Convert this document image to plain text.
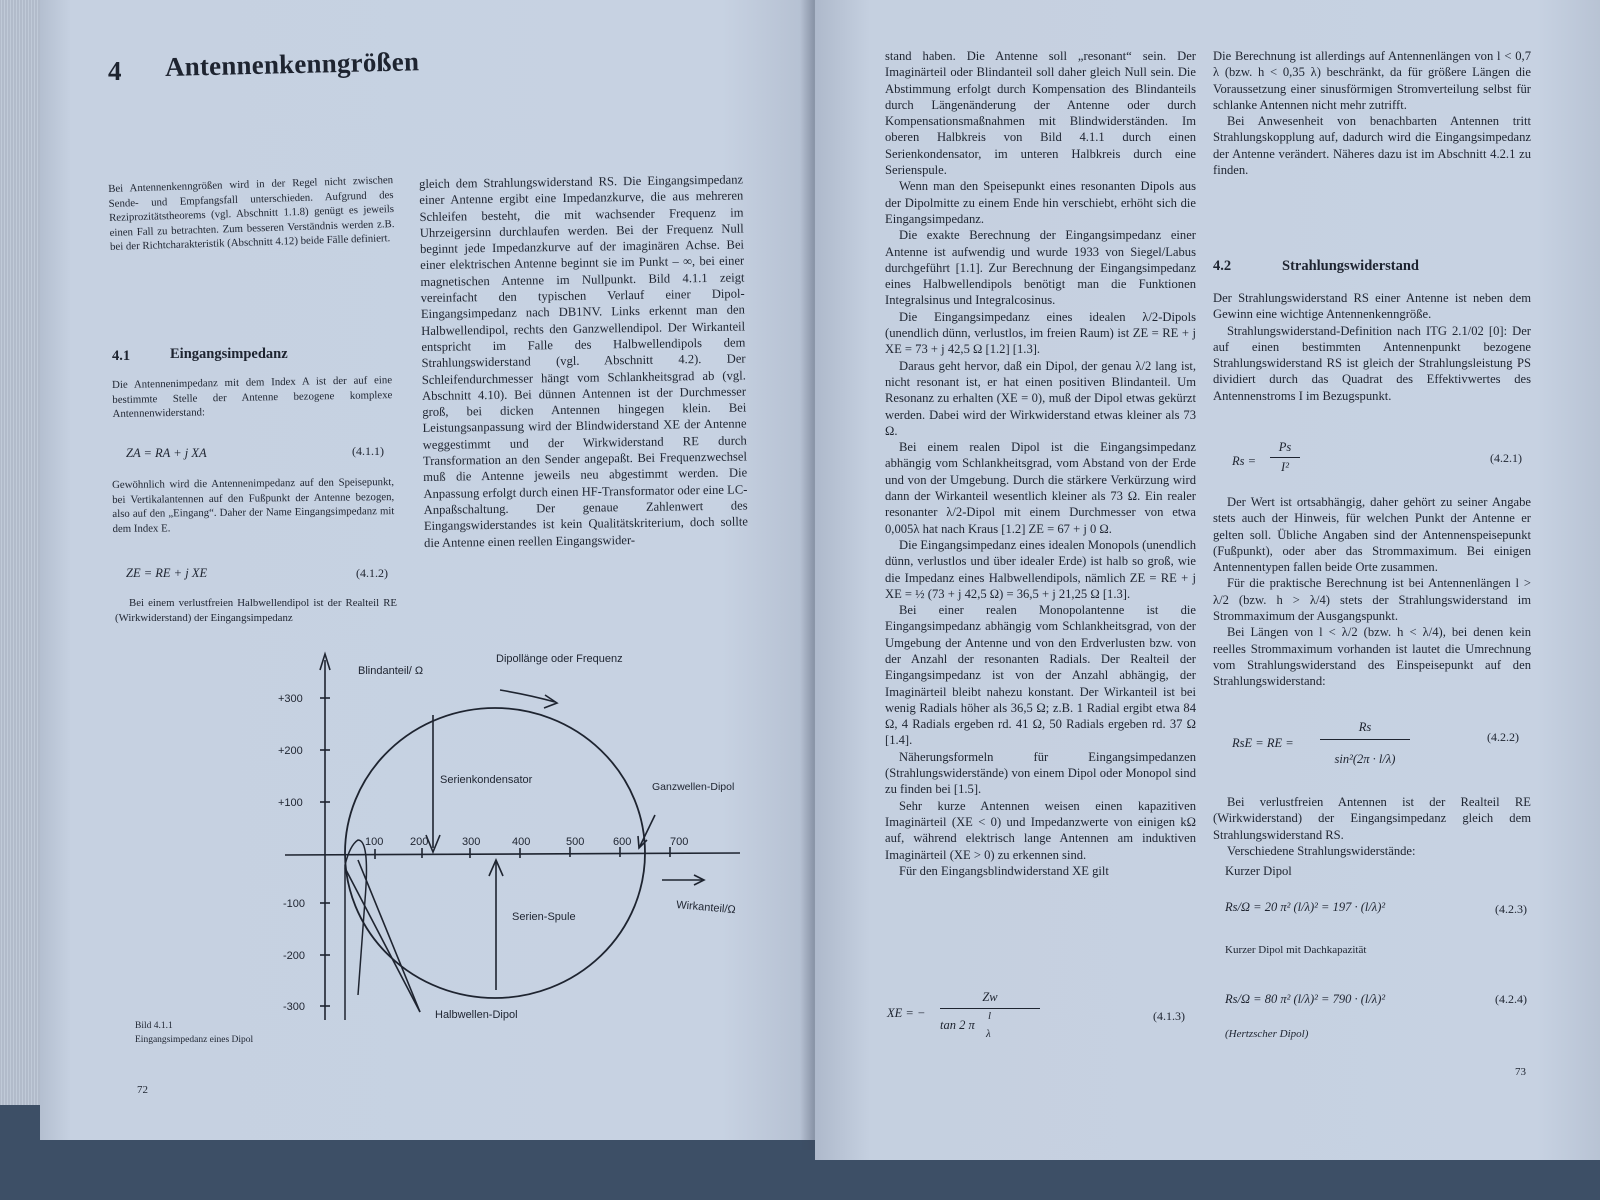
4 Antennenkenngrößen
Bei Antennenkenngrößen wird in der Regel nicht zwischen Sende- und Empfangsfall unterschieden. Aufgrund des Reziprozitätstheorems (vgl. Abschnitt 1.1.8) genügt es jeweils einen Fall zu betrachten. Zum besseren Verständnis werden z.B. bei der Richtcharakteristik (Abschnitt 4.12) beide Fälle definiert.
4.1	Eingangsimpedanz
Die Antennenimpedanz mit dem Index A ist der auf eine bestimmte Stelle der Antenne bezogene komplexe Antennenwiderstand:
ZA = RA + j XA	(4.1.1)
Gewöhnlich wird die Antennenimpedanz auf den Speisepunkt, bei Vertikalantennen auf den Fußpunkt der Antenne bezogen, also auf den „Eingang“. Daher der Name Eingangsimpedanz mit dem Index E.
ZE = RE + j XE	(4.1.2)
Bei einem verlustfreien Halbwellendipol ist der Realteil RE (Wirkwiderstand) der Eingangsimpedanz
gleich dem Strahlungswiderstand RS. Die Eingangsimpedanz einer Antenne ergibt eine Impedanzkurve, die aus mehreren Schleifen besteht, die mit wachsender Frequenz im Uhrzeigersinn durchlaufen werden. Bei der Frequenz Null beginnt jede Impedanzkurve auf der imaginären Achse. Bei einer elektrischen Antenne beginnt sie im Punkt – ∞, bei einer magnetischen Antenne im Nullpunkt. Bild 4.1.1 zeigt vereinfacht den typischen Verlauf einer Dipol-Eingangsimpedanz nach DB1NV. Links erkennt man den Halbwellendipol, rechts den Ganzwellendipol. Der Wirkanteil entspricht im Falle des Halbwellendipols dem Strahlungswiderstand (vgl. Abschnitt 4.2). Der Schleifendurchmesser hängt vom Schlankheitsgrad ab (vgl. Abschnitt 4.10). Bei dünnen Antennen ist der Durchmesser groß, bei dicken Antennen hingegen klein. Bei Leistungsanpassung wird der Blindwiderstand XE der Antenne weggestimmt und der Wirkwiderstand RE durch Transformation an den Sender angepaßt. Bei Frequenzwechsel muß die Antenne jeweils neu abgestimmt werden. Die Anpassung erfolgt durch einen HF-Transformator oder eine LC-Anpaßschaltung. Der genaue Zahlenwert des Eingangswiderstandes ist kein Qualitätskriterium, doch sollte die Antenne einen reellen Eingangswider-
Blindanteil/ Ω
Dipollänge oder Frequenz
Wirkanteil/Ω
+300
+200
+100
-100
-200
-300
100 200	300	400	500	600	700
Serienkondensator
Serien-Spule
Ganzwellen-Dipol
Halbwellen-Dipol
Bild 4.1.1
Eingangsimpedanz eines Dipol
72

stand haben. Die Antenne soll „resonant“ sein. Der Imaginärteil oder Blindanteil soll daher gleich Null sein. Die Abstimmung erfolgt durch Kompensation des Blindanteils durch Längenänderung der Antenne oder durch Kompensationsmaßnahmen mit Blindwiderständen. Im oberen Halbkreis von Bild 4.1.1 durch einen Serienkondensator, im unteren Halbkreis durch eine Serienspule.

Wenn man den Speisepunkt eines resonanten Dipols aus der Dipolmitte zu einem Ende hin verschiebt, erhöht sich die Eingangsimpedanz.

Die exakte Berechnung der Eingangsimpedanz einer Antenne ist aufwendig und wurde 1933 von Siegel/Labus durchgeführt [1.1]. Zur Berechnung der Eingangsimpedanz eines Halbwellendipols benötigt man die Funktionen Integralsinus und Integralcosinus.

Die Eingangsimpedanz eines idealen λ/2-Dipols (unendlich dünn, verlustlos, im freien Raum) ist ZE = RE + j XE = 73 + j 42,5 Ω [1.2] [1.3].

Daraus geht hervor, daß ein Dipol, der genau λ/2 lang ist, nicht resonant ist, er hat einen positiven Blindanteil. Um Resonanz zu erhalten (XE = 0), muß der Dipol etwas gekürzt werden. Dabei wird der Wirkwiderstand etwas kleiner als 73 Ω.

Bei einem realen Dipol ist die Eingangsimpedanz abhängig vom Schlankheitsgrad, vom Abstand von der Erde und von der Umgebung. Durch die stärkere Verkürzung wird dann der Wirkanteil wesentlich kleiner als 73 Ω. Ein realer resonanter λ/2-Dipol mit einem Durchmesser von etwa 0,005λ hat nach Kraus [1.2] ZE = 67 + j 0 Ω.

Die Eingangsimpedanz eines idealen Monopols (unendlich dünn, verlustlos und über idealer Erde) ist halb so groß, wie die Impedanz eines Halbwellendipols, nämlich ZE = RE + j XE = ½ (73 + j 42,5 Ω) = 36,5 + j 21,25 Ω [1.3].

Bei einer realen Monopolantenne ist die Eingangsimpedanz abhängig vom Schlankheitsgrad, von der Umgebung der Antenne und von den Erdverlusten bzw. von der Anzahl der resonanten Radials. Der Realteil der Eingangsimpedanz ist von der Anzahl abhängig, der Imaginärteil bleibt nahezu konstant. Der Wirkanteil ist bei wenig Radials höher als 36,5 Ω; z.B. 1 Radial ergibt etwa 84 Ω, 4 Radials ergeben rd. 41 Ω, 50 Radials ergeben rd. 37 Ω [1.4].

Näherungsformeln für Eingangsimpedanzen (Strahlungswiderstände) von einem Dipol oder Monopol sind zu finden bei [1.5].

Sehr kurze Antennen weisen einen kapazitiven Imaginärteil (XE < 0) und Impedanzwerte von einigen kΩ auf, während elektrisch lange Antennen am induktiven Imaginärteil (XE > 0) zu erkennen sind.

Für den Eingangsblindwiderstand XE gilt

XE = −
Zw
tan 2 π
l
λ
(4.1.3)

Die Berechnung ist allerdings auf Antennenlängen von l < 0,7 λ (bzw. h < 0,35 λ) beschränkt, da für größere Längen die Voraussetzung einer sinusförmigen Stromverteilung selbst für schlanke Antennen nicht mehr zutrifft.

Bei Anwesenheit von benachbarten Antennen tritt Strahlungskopplung auf, dadurch wird die Eingangsimpedanz der Antenne verändert. Näheres dazu ist im Abschnitt 4.2.1 zu finden.

4.2	Strahlungswiderstand

Der Strahlungswiderstand RS einer Antenne ist neben dem Gewinn eine wichtige Antennenkenngröße.

Strahlungswiderstand-Definition nach ITG 2.1/02 [0]: Der auf einen bestimmten Antennenpunkt bezogene Strahlungswiderstand RS ist gleich der Strahlungsleistung PS dividiert durch das Quadrat des Effektivwertes des Antennenstroms I im Bezugspunkt.

Rs =
Ps
I²
(4.2.1)

Der Wert ist ortsabhängig, daher gehört zu seiner Angabe stets auch der Hinweis, für welchen Punkt der Antenne er gelten soll. Übliche Angaben sind der Antennenspeisepunkt (Fußpunkt), oder aber das Strommaximum. Bei einigen Antennentypen fallen beide Orte zusammen.

Für die praktische Berechnung ist bei Antennenlängen l > λ/2 (bzw. h > λ/4) stets der Strahlungswiderstand im Strommaximum der Ausgangspunkt.

Bei Längen von l < λ/2 (bzw. h < λ/4), bei denen kein reelles Strommaximum vorhanden ist lautet die Umrechnung vom Strahlungswiderstand des Einspeisepunkt auf den Strahlungswiderstand:

RsE = RE =
Rs
sin²(2π · l/λ)
(4.2.2)

Bei verlustfreien Antennen ist der Realteil RE (Wirkwiderstand) der Eingangsimpedanz gleich dem Strahlungswiderstand RS.

Verschiedene Strahlungswiderstände:

Kurzer Dipol
Rs/Ω = 20 π² (l/λ)² = 197 · (l/λ)²	(4.2.3)
Kurzer Dipol mit Dachkapazität
Rs/Ω = 80 π² (l/λ)² = 790 · (l/λ)²	(4.2.4)
(Hertzscher Dipol)
73
